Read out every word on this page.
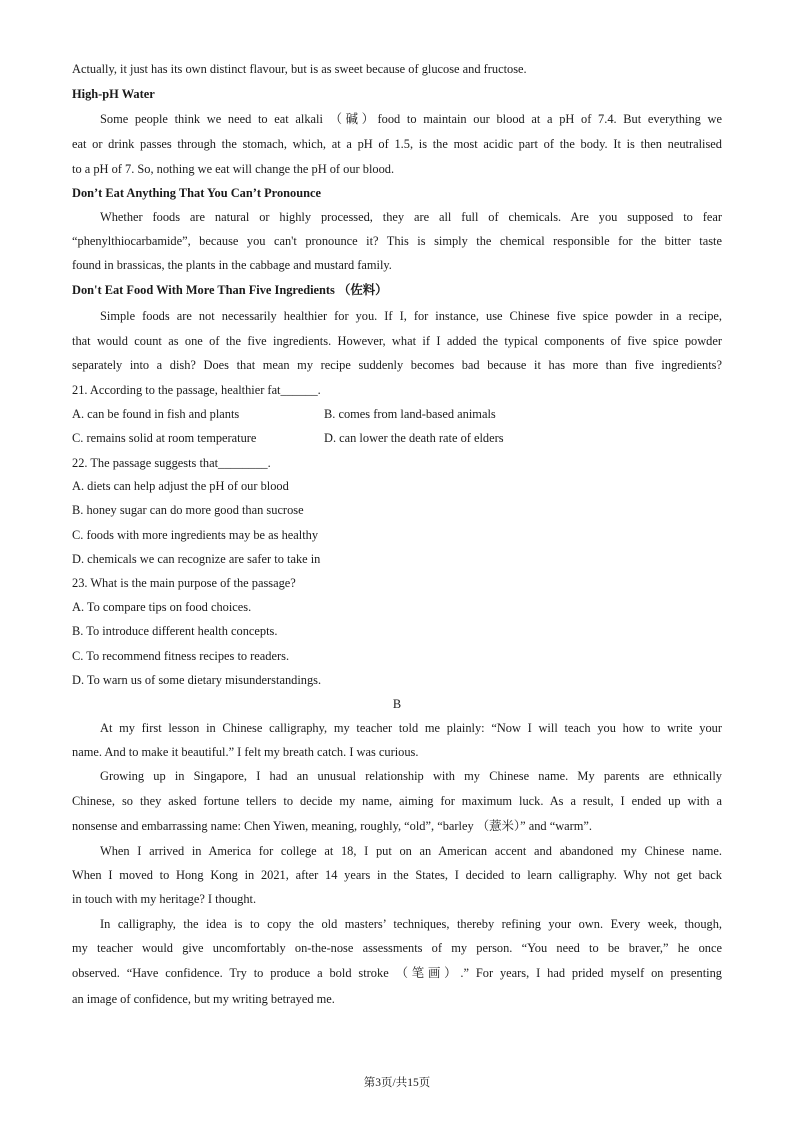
Actually, it just has its own distinct flavour, but is as sweet because of glucose and fructose.
High-pH Water
Some people think we need to eat alkali （碱）food to maintain our blood at a pH of 7.4. But everything we
eat or drink passes through the stomach, which, at a pH of 1.5, is the most acidic part of the body. It is then neutralised
to a pH of 7. So, nothing we eat will change the pH of our blood.
Don’t Eat Anything That You Can’t Pronounce
Whether foods are natural or highly processed, they are all full of chemicals. Are you supposed to fear
“phenylthiocarbamide”, because you can't pronounce it? This is simply the chemical responsible for the bitter taste
found in brassicas, the plants in the cabbage and mustard family.
Don't Eat Food With More Than Five Ingredients （佐料）
Simple foods are not necessarily healthier for you. If I, for instance, use Chinese five spice powder in a recipe,
that would count as one of the five ingredients. However, what if I added the typical components of five spice powder
separately into a dish? Does that mean my recipe suddenly becomes bad because it has more than five ingredients?
21. According to the passage, healthier fat______.
A. can be found in fish and plants	B. comes from land-based animals
C. remains solid at room temperature	D. can lower the death rate of elders
22. The passage suggests that________.
A. diets can help adjust the pH of our blood
B. honey sugar can do more good than sucrose
C. foods with more ingredients may be as healthy
D. chemicals we can recognize are safer to take in
23. What is the main purpose of the passage?
A. To compare tips on food choices.
B. To introduce different health concepts.
C. To recommend fitness recipes to readers.
D. To warn us of some dietary misunderstandings.
B
At my first lesson in Chinese calligraphy, my teacher told me plainly: “Now I will teach you how to write your
name. And to make it beautiful.” I felt my breath catch. I was curious.
Growing up in Singapore, I had an unusual relationship with my Chinese name. My parents are ethnically
Chinese, so they asked fortune tellers to decide my name, aiming for maximum luck. As a result, I ended up with a
nonsense and embarrassing name: Chen Yiwen, meaning, roughly, “old”, “barley （薏米）” and “warm”.
When I arrived in America for college at 18, I put on an American accent and abandoned my Chinese name.
When I moved to Hong Kong in 2021, after 14 years in the States, I decided to learn calligraphy. Why not get back
in touch with my heritage? I thought.
In calligraphy, the idea is to copy the old masters’ techniques, thereby refining your own. Every week, though,
my teacher would give uncomfortably on-the-nose assessments of my person. “You need to be braver,” he once
observed. “Have confidence. Try to produce a bold stroke （笔画）.” For years, I had prided myself on presenting
an image of confidence, but my writing betrayed me.
第3页/共15页
